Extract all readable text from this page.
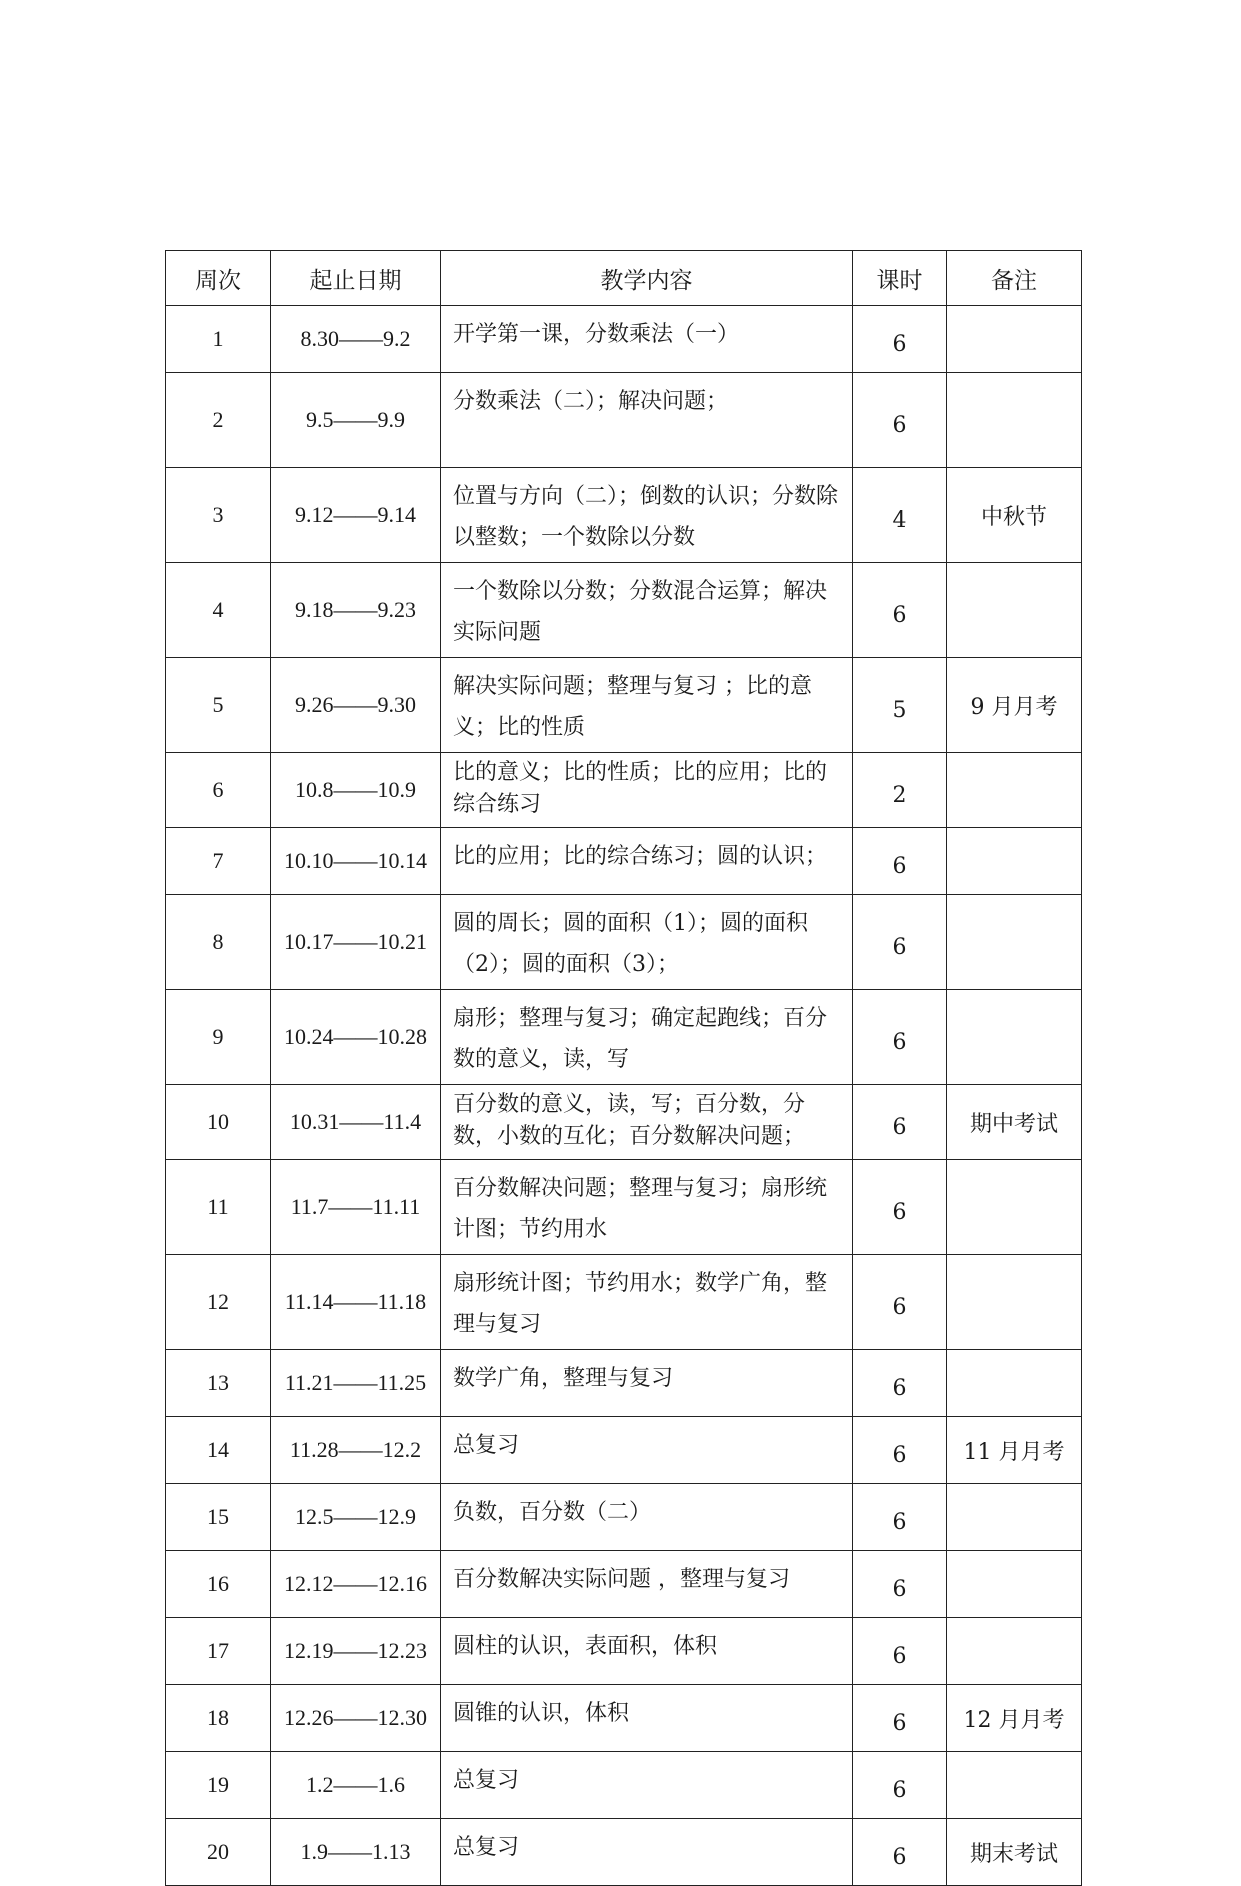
周次	起止日期	教学内容	课时	备注
1	8.30——9.2	开学第一课，分数乘法（一）	6	
2	9.5——9.9	分数乘法（二）；解决问题；	6	
3	9.12——9.14	位置与方向（二）；倒数的认识；分数除以整数；一个数除以分数	4	中秋节
4	9.18——9.23	一个数除以分数；分数混合运算；解决实际问题	6	
5	9.26——9.30	解决实际问题；整理与复习 ；比的意义；比的性质	5	9 月月考
6	10.8——10.9	比的意义；比的性质；比的应用；比的综合练习	2	
7	10.10——10.14	比的应用；比的综合练习；圆的认识；	6	
8	10.17——10.21	圆的周长；圆的面积（1）；圆的面积（2）；圆的面积（3）；	6	
9	10.24——10.28	扇形；整理与复习；确定起跑线；百分数的意义，读，写	6	
10	10.31——11.4	百分数的意义，读，写；百分数，分数，小数的互化；百分数解决问题；	6	期中考试
11	11.7——11.11	百分数解决问题；整理与复习；扇形统计图；节约用水	6	
12	11.14——11.18	扇形统计图；节约用水；数学广角，整理与复习	6	
13	11.21——11.25	数学广角，整理与复习	6	
14	11.28——12.2	总复习	6	11 月月考
15	12.5——12.9	负数，百分数（二）	6	
16	12.12——12.16	百分数解决实际问题 ，整理与复习	6	
17	12.19——12.23	圆柱的认识，表面积，体积	6	
18	12.26——12.30	圆锥的认识，体积	6	12 月月考
19	1.2——1.6	总复习	6	
20	1.9——1.13	总复习	6	期末考试
